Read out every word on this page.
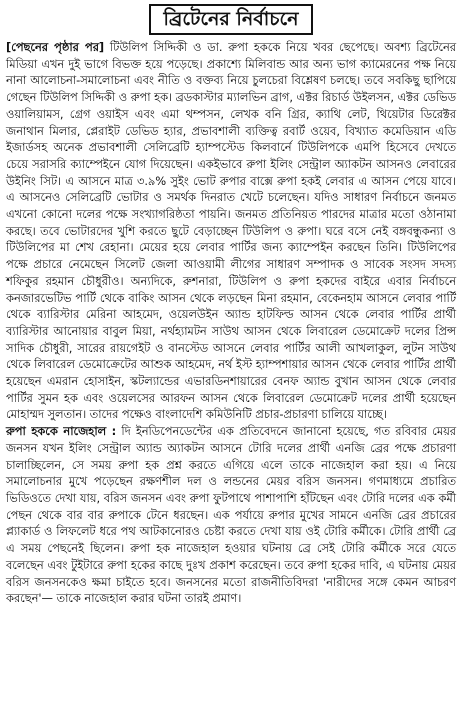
ব্রিটেনের নির্বাচনে

[পেছনের পৃষ্ঠার পর] টিউলিপ সিদ্দিকী ও ডা. রুপা হককে নিয়ে খবর ছেপেছে। অবশ্য ব্রিটেনের মিডিয়া এখন দুই ভাগে বিভক্ত হয়ে পড়েছে। প্রকাশ্যে মিলিবান্ড আর অন্য ভাগ ক্যামেরনের পক্ষ নিয়ে নানা আলোচনা-সমালোচনা এবং নীতি ও বক্তব্য নিয়ে চুলচেরা বিশ্লেষণ চলছে। তবে সবকিছু ছাপিয়ে গেছেন টিউলিপ সিদ্দিকী ও রুপা হক। ব্রডকাস্টার ম্যালভিন ব্রাগ, এক্টর রিচার্ড উইলসন, এক্টর ডেভিড ওয়ালিয়ামস, গ্রেগ ওয়াইস এবং এমা থম্পসন, লেখক বনি গ্রির, ক্যাথি লেট, থিয়েটার ডিরেক্টর জনাথান মিলার, প্লেরাইট ডেভিড হ্যার, প্রভাবশালী ব্যক্তিত্ব রবার্ট ওয়েব, বিখ্যাত কমেডিয়ান এডি ইজার্ডসহ অনেক প্রভাবশালী সেলিব্রেটি হ্যাম্পস্টেড কিলবার্নে টিউলিপকে এমপি হিসেবে দেখতে চেয়ে সরাসরি ক্যাম্পেইনে যোগ দিয়েছেন। একইভাবে রুপা ইলিং সেন্ট্রাল অ্যাকটন আসনও লেবারের উইনিং সিট। এ আসনে মাত্র ৩.৯% সুইং ভোট রুপার বাক্সে রুপা হকই লেবার এ আসন পেয়ে যাবে। এ আসনেও সেলিব্রেটি ভোটার ও সমর্থক দিনরাত খেটে চলেছেন। যদিও সাধারণ নির্বাচনে জনমত এখনো কোনো দলের পক্ষে সংখ্যাগরিষ্ঠতা পায়নি। জনমত প্রতিনিয়ত পারদের মাত্রার মতো ওঠানামা করছে। তবে ভোটারদের খুশি করতে ছুটে বেড়াচ্ছেন টিউলিপ ও রুপা। ঘরে বসে নেই বঙ্গবন্ধুকন্যা ও টিউলিপের মা শেখ রেহানা। মেয়ের হয়ে লেবার পার্টির জন্য ক্যাম্পেইন করছেন তিনি। টিউলিপের পক্ষে প্রচারে নেমেছেন সিলেট জেলা আওয়ামী লীগের সাধারণ সম্পাদক ও সাবেক সংসদ সদস্য শফিকুর রহমান চৌধুরীও। অন্যদিকে, রুশনারা, টিউলিপ ও রুপা হকদের বাইরে এবার নির্বাচনে কনজারভেটিভ পার্টি থেকে বাকিং আসন থেকে লড়ছেন মিনা রহমান, বেকেনহাম আসনে লেবার পার্টি থেকে ব্যারিস্টার মেরিনা আহমেদ, ওয়েলউইন অ্যান্ড হাটফিল্ড আসন থেকে লেবার পার্টির প্রার্থী ব্যারিস্টার আনোয়ার বাবুল মিয়া, নর্থহ্যামটন সাউথ আসন থেকে লিবারেল ডেমোক্রেট দলের প্রিন্স সাদিক চৌধুরী, সারের রায়গেইট ও বানস্টেড আসনে লেবার পার্টির আলী আখলাকুল, লুটন সাউথ থেকে লিবারেল ডেমোক্রেটের আশুক আহমেদ, নর্থ ইস্ট হ্যাম্পশায়ার আসন থেকে লেবার পার্টির প্রার্থী হয়েছেন এমরান হোসাইন, স্কটল্যান্ডের এভারডিনশায়ারের বেনফ অ্যান্ড বুখান আসন থেকে লেবার পার্টির সুমন হক এবং ওয়েলসের আরফন আসন থেকে লিবারেল ডেমোক্রেট দলের প্রার্থী হয়েছেন মোহাম্মদ সুলতান। তাদের পক্ষেও বাংলাদেশি কমিউনিটি প্রচার-প্রচারণা চালিয়ে যাচ্ছে।

রুপা হককে নাজেহাল : দি ইনডিপেনডেন্টের এক প্রতিবেদনে জানানো হয়েছে, গত রবিবার মেয়র জনসন যখন ইলিং সেন্ট্রাল অ্যান্ড অ্যাকটন আসনে টোরি দলের প্রার্থী এনজি ব্রের পক্ষে প্রচারণা চালাচ্ছিলেন, সে সময় রুপা হক প্রশ্ন করতে এগিয়ে এলে তাকে নাজেহাল করা হয়। এ নিয়ে সমালোচনার মুখে পড়েছেন রক্ষণশীল দল ও লন্ডনের মেয়র বরিস জনসন। গণমাধ্যমে প্রচারিত ভিডিওতে দেখা যায়, বরিস জনসন এবং রুপা ফুটপাথে পাশাপাশি হাঁটছেন এবং টোরি দলের এক কর্মী পেছন থেকে বার বার রুপাকে টেনে ধরছেন। এক পর্যায়ে রুপার মুখের সামনে এনজি ব্রের প্রচারের প্ল্যাকার্ড ও লিফলেট ধরে পথ আটকানোরও চেষ্টা করতে দেখা যায় ওই টোরি কর্মীকে। টোরি প্রার্থী ব্রে এ সময় পেছনেই ছিলেন। রুপা হক নাজেহাল হওয়ার ঘটনায় ব্রে সেই টোরি কর্মীকে সরে যেতে বলেছেন এবং টুইটারে রুপা হকের কাছে দুঃখ প্রকাশ করেছেন। তবে রুপা হকের দাবি, এ ঘটনায় মেয়র বরিস জনসনকেও ক্ষমা চাইতে হবে। জনসনের মতো রাজনীতিবিদরা 'নারীদের সঙ্গে কেমন আচরণ করছেন'— তাকে নাজেহাল করার ঘটনা তারই প্রমাণ।
